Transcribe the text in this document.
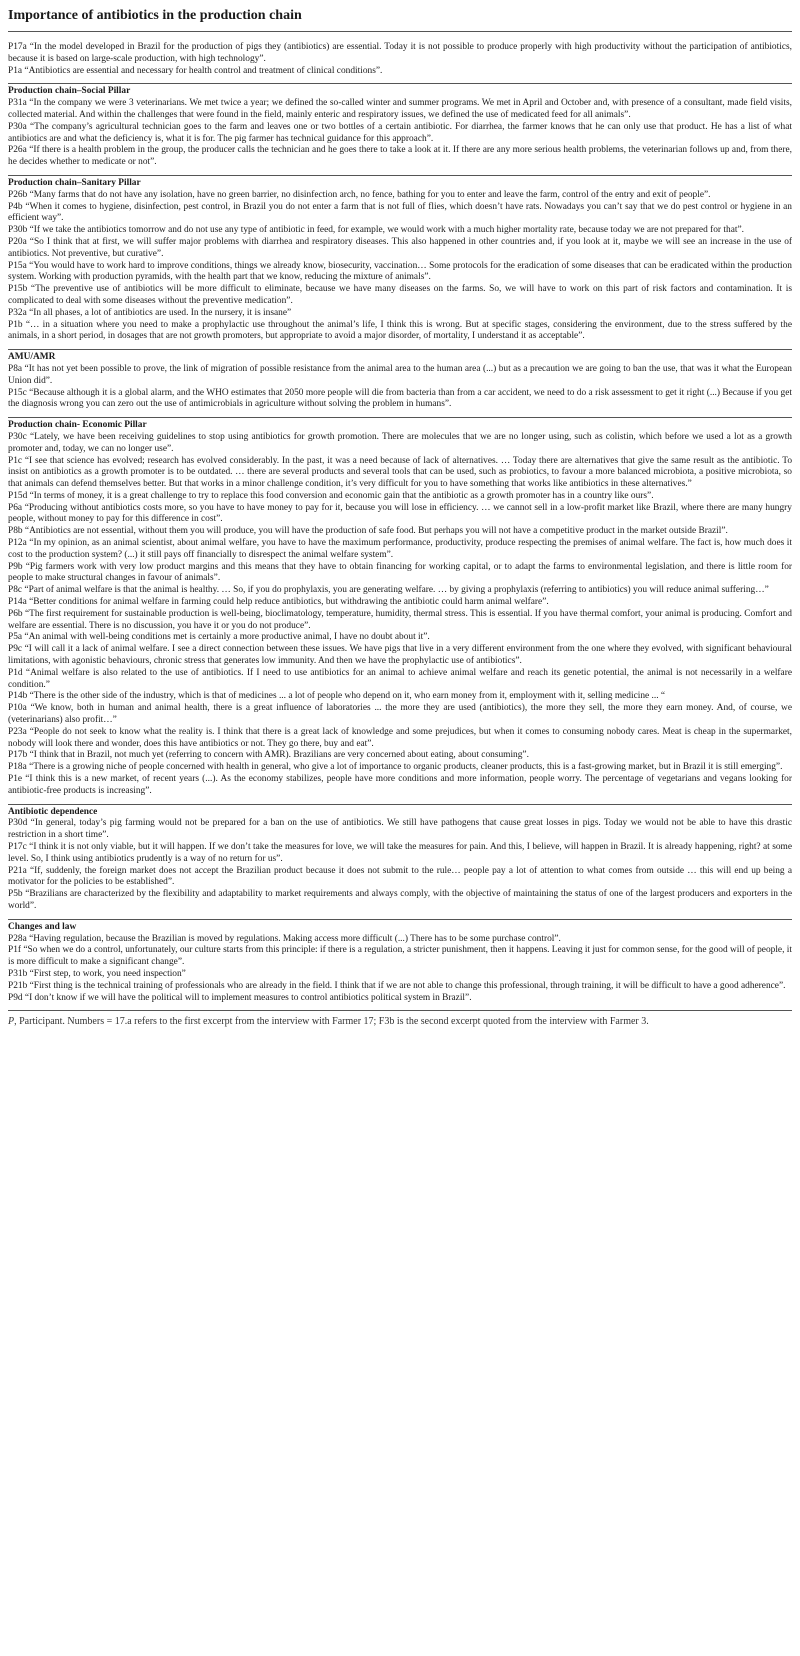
Importance of antibiotics in the production chain
P17a “In the model developed in Brazil for the production of pigs they (antibiotics) are essential. Today it is not possible to produce properly with high productivity without the participation of antibiotics, because it is based on large-scale production, with high technology”.
P1a “Antibiotics are essential and necessary for health control and treatment of clinical conditions”.
Production chain–Social Pillar
P31a “In the company we were 3 veterinarians. We met twice a year; we defined the so-called winter and summer programs. We met in April and October and, with presence of a consultant, made field visits, collected material. And within the challenges that were found in the field, mainly enteric and respiratory issues, we defined the use of medicated feed for all animals”.
P30a “The company’s agricultural technician goes to the farm and leaves one or two bottles of a certain antibiotic. For diarrhea, the farmer knows that he can only use that product. He has a list of what antibiotics are and what the deficiency is, what it is for. The pig farmer has technical guidance for this approach”.
P26a “If there is a health problem in the group, the producer calls the technician and he goes there to take a look at it. If there are any more serious health problems, the veterinarian follows up and, from there, he decides whether to medicate or not”.
Production chain–Sanitary Pillar
P26b “Many farms that do not have any isolation, have no green barrier, no disinfection arch, no fence, bathing for you to enter and leave the farm, control of the entry and exit of people”.
P4b “When it comes to hygiene, disinfection, pest control, in Brazil you do not enter a farm that is not full of flies, which doesn’t have rats. Nowadays you can’t say that we do pest control or hygiene in an efficient way”.
P30b “If we take the antibiotics tomorrow and do not use any type of antibiotic in feed, for example, we would work with a much higher mortality rate, because today we are not prepared for that”.
P20a “So I think that at first, we will suffer major problems with diarrhea and respiratory diseases. This also happened in other countries and, if you look at it, maybe we will see an increase in the use of antibiotics. Not preventive, but curative”.
P15a “You would have to work hard to improve conditions, things we already know, biosecurity, vaccination… Some protocols for the eradication of some diseases that can be eradicated within the production system. Working with production pyramids, with the health part that we know, reducing the mixture of animals”.
P15b “The preventive use of antibiotics will be more difficult to eliminate, because we have many diseases on the farms. So, we will have to work on this part of risk factors and contamination. It is complicated to deal with some diseases without the preventive medication”.
P32a “In all phases, a lot of antibiotics are used. In the nursery, it is insane”
P1b “… in a situation where you need to make a prophylactic use throughout the animal’s life, I think this is wrong. But at specific stages, considering the environment, due to the stress suffered by the animals, in a short period, in dosages that are not growth promoters, but appropriate to avoid a major disorder, of mortality, I understand it as acceptable”.
AMU/AMR
P8a “It has not yet been possible to prove, the link of migration of possible resistance from the animal area to the human area (...) but as a precaution we are going to ban the use, that was it what the European Union did”.
P15c “Because although it is a global alarm, and the WHO estimates that 2050 more people will die from bacteria than from a car accident, we need to do a risk assessment to get it right (...) Because if you get the diagnosis wrong you can zero out the use of antimicrobials in agriculture without solving the problem in humans”.
Production chain- Economic Pillar
P30c “Lately, we have been receiving guidelines to stop using antibiotics for growth promotion. There are molecules that we are no longer using, such as colistin, which before we used a lot as a growth promoter and, today, we can no longer use”.
P1c “I see that science has evolved; research has evolved considerably. In the past, it was a need because of lack of alternatives. … Today there are alternatives that give the same result as the antibiotic. To insist on antibiotics as a growth promoter is to be outdated. … there are several products and several tools that can be used, such as probiotics, to favour a more balanced microbiota, a positive microbiota, so that animals can defend themselves better. But that works in a minor challenge condition, it’s very difficult for you to have something that works like antibiotics in these alternatives.”
P15d “In terms of money, it is a great challenge to try to replace this food conversion and economic gain that the antibiotic as a growth promoter has in a country like ours”.
P6a “Producing without antibiotics costs more, so you have to have money to pay for it, because you will lose in efficiency. … we cannot sell in a low-profit market like Brazil, where there are many hungry people, without money to pay for this difference in cost”.
P8b “Antibiotics are not essential, without them you will produce, you will have the production of safe food. But perhaps you will not have a competitive product in the market outside Brazil”.
P12a “In my opinion, as an animal scientist, about animal welfare, you have to have the maximum performance, productivity, produce respecting the premises of animal welfare. The fact is, how much does it cost to the production system? (...) it still pays off financially to disrespect the animal welfare system”.
P9b “Pig farmers work with very low product margins and this means that they have to obtain financing for working capital, or to adapt the farms to environmental legislation, and there is little room for people to make structural changes in favour of animals”.
P8c “Part of animal welfare is that the animal is healthy. … So, if you do prophylaxis, you are generating welfare. … by giving a prophylaxis (referring to antibiotics) you will reduce animal suffering…”
P14a “Better conditions for animal welfare in farming could help reduce antibiotics, but withdrawing the antibiotic could harm animal welfare”.
P6b “The first requirement for sustainable production is well-being, bioclimatology, temperature, humidity, thermal stress. This is essential. If you have thermal comfort, your animal is producing. Comfort and welfare are essential. There is no discussion, you have it or you do not produce”.
P5a “An animal with well-being conditions met is certainly a more productive animal, I have no doubt about it”.
P9c “I will call it a lack of animal welfare. I see a direct connection between these issues. We have pigs that live in a very different environment from the one where they evolved, with significant behavioural limitations, with agonistic behaviours, chronic stress that generates low immunity. And then we have the prophylactic use of antibiotics”.
P1d “Animal welfare is also related to the use of antibiotics. If I need to use antibiotics for an animal to achieve animal welfare and reach its genetic potential, the animal is not necessarily in a welfare condition.”
P14b “There is the other side of the industry, which is that of medicines ... a lot of people who depend on it, who earn money from it, employment with it, selling medicine ... “
P10a “We know, both in human and animal health, there is a great influence of laboratories ... the more they are used (antibiotics), the more they sell, the more they earn money. And, of course, we (veterinarians) also profit…”
P23a “People do not seek to know what the reality is. I think that there is a great lack of knowledge and some prejudices, but when it comes to consuming nobody cares. Meat is cheap in the supermarket, nobody will look there and wonder, does this have antibiotics or not. They go there, buy and eat”.
P17b “I think that in Brazil, not much yet (referring to concern with AMR). Brazilians are very concerned about eating, about consuming”.
P18a “There is a growing niche of people concerned with health in general, who give a lot of importance to organic products, cleaner products, this is a fast-growing market, but in Brazil it is still emerging”.
P1e “I think this is a new market, of recent years (...). As the economy stabilizes, people have more conditions and more information, people worry. The percentage of vegetarians and vegans looking for antibiotic-free products is increasing”.
Antibiotic dependence
P30d “In general, today’s pig farming would not be prepared for a ban on the use of antibiotics. We still have pathogens that cause great losses in pigs. Today we would not be able to have this drastic restriction in a short time”.
P17c “I think it is not only viable, but it will happen. If we don’t take the measures for love, we will take the measures for pain. And this, I believe, will happen in Brazil. It is already happening, right? at some level. So, I think using antibiotics prudently is a way of no return for us”.
P21a “If, suddenly, the foreign market does not accept the Brazilian product because it does not submit to the rule… people pay a lot of attention to what comes from outside … this will end up being a motivator for the policies to be established”.
P5b “Brazilians are characterized by the flexibility and adaptability to market requirements and always comply, with the objective of maintaining the status of one of the largest producers and exporters in the world”.
Changes and law
P28a “Having regulation, because the Brazilian is moved by regulations. Making access more difficult (...) There has to be some purchase control”.
P1f “So when we do a control, unfortunately, our culture starts from this principle: if there is a regulation, a stricter punishment, then it happens. Leaving it just for common sense, for the good will of people, it is more difficult to make a significant change”.
P31b “First step, to work, you need inspection”
P21b “First thing is the technical training of professionals who are already in the field. I think that if we are not able to change this professional, through training, it will be difficult to have a good adherence”.
P9d “I don’t know if we will have the political will to implement measures to control antibiotics political system in Brazil”.
P, Participant. Numbers = 17.a refers to the first excerpt from the interview with Farmer 17; F3b is the second excerpt quoted from the interview with Farmer 3.
